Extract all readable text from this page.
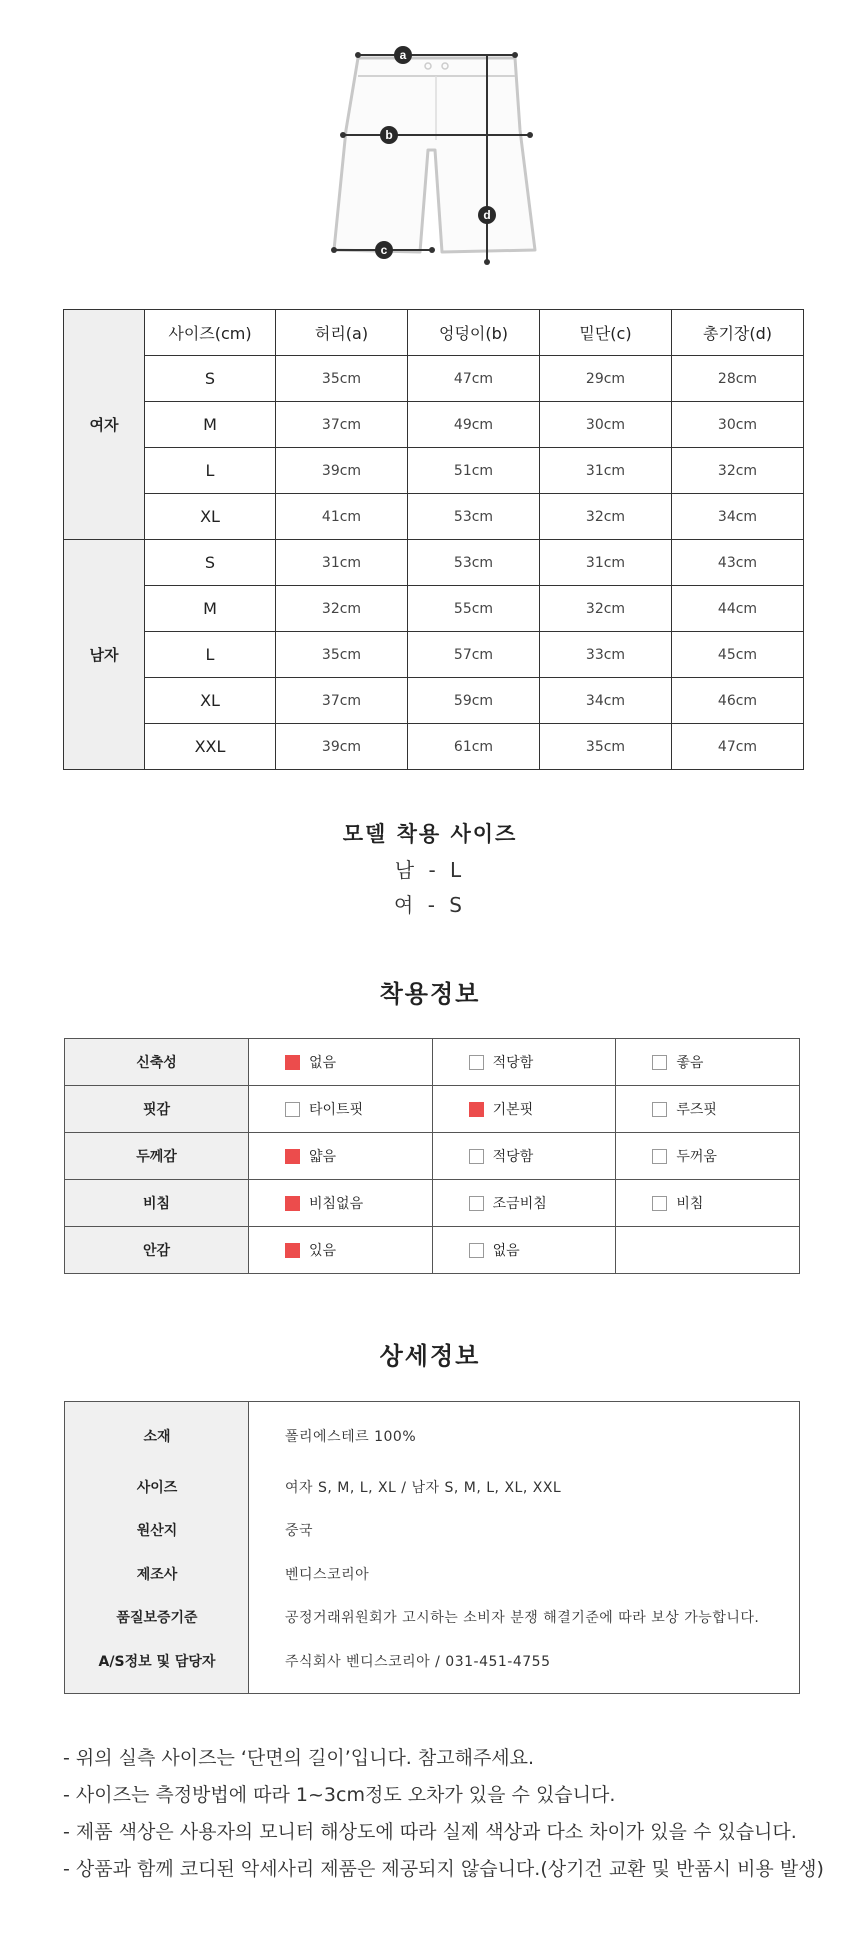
a
b
c
d
여자	사이즈(cm)	허리(a)	엉덩이(b)	밑단(c)	총기장(d)
	S	35cm	47cm	29cm	28cm
	M	37cm	49cm	30cm	30cm
	L	39cm	51cm	31cm	32cm
	XL	41cm	53cm	32cm	34cm
남자	S	31cm	53cm	31cm	43cm
	M	32cm	55cm	32cm	44cm
	L	35cm	57cm	33cm	45cm
	XL	37cm	59cm	34cm	46cm
	XXL	39cm	61cm	35cm	47cm
모델 착용 사이즈
남 - L
여 - S
착용정보
신축성	없음	적당함	좋음
핏감	타이트핏	기본핏	루즈핏
두께감	얇음	적당함	두꺼움
비침	비침없음	조금비침	비침
안감	있음	없음	
상세정보
소재	폴리에스테르 100%
사이즈	여자 S, M, L, XL / 남자 S, M, L, XL, XXL
원산지	중국
제조사	벤디스코리아
품질보증기준	공정거래위원회가 고시하는 소비자 분쟁 해결기준에 따라 보상 가능합니다.
A/S정보 및 담당자	주식회사 벤디스코리아 / 031-451-4755
- 위의 실측 사이즈는 ‘단면의 길이’입니다. 참고해주세요.
- 사이즈는 측정방법에 따라 1~3cm정도 오차가 있을 수 있습니다.
- 제품 색상은 사용자의 모니터 해상도에 따라 실제 색상과 다소 차이가 있을 수 있습니다.
- 상품과 함께 코디된 악세사리 제품은 제공되지 않습니다.(상기건 교환 및 반품시 비용 발생)
